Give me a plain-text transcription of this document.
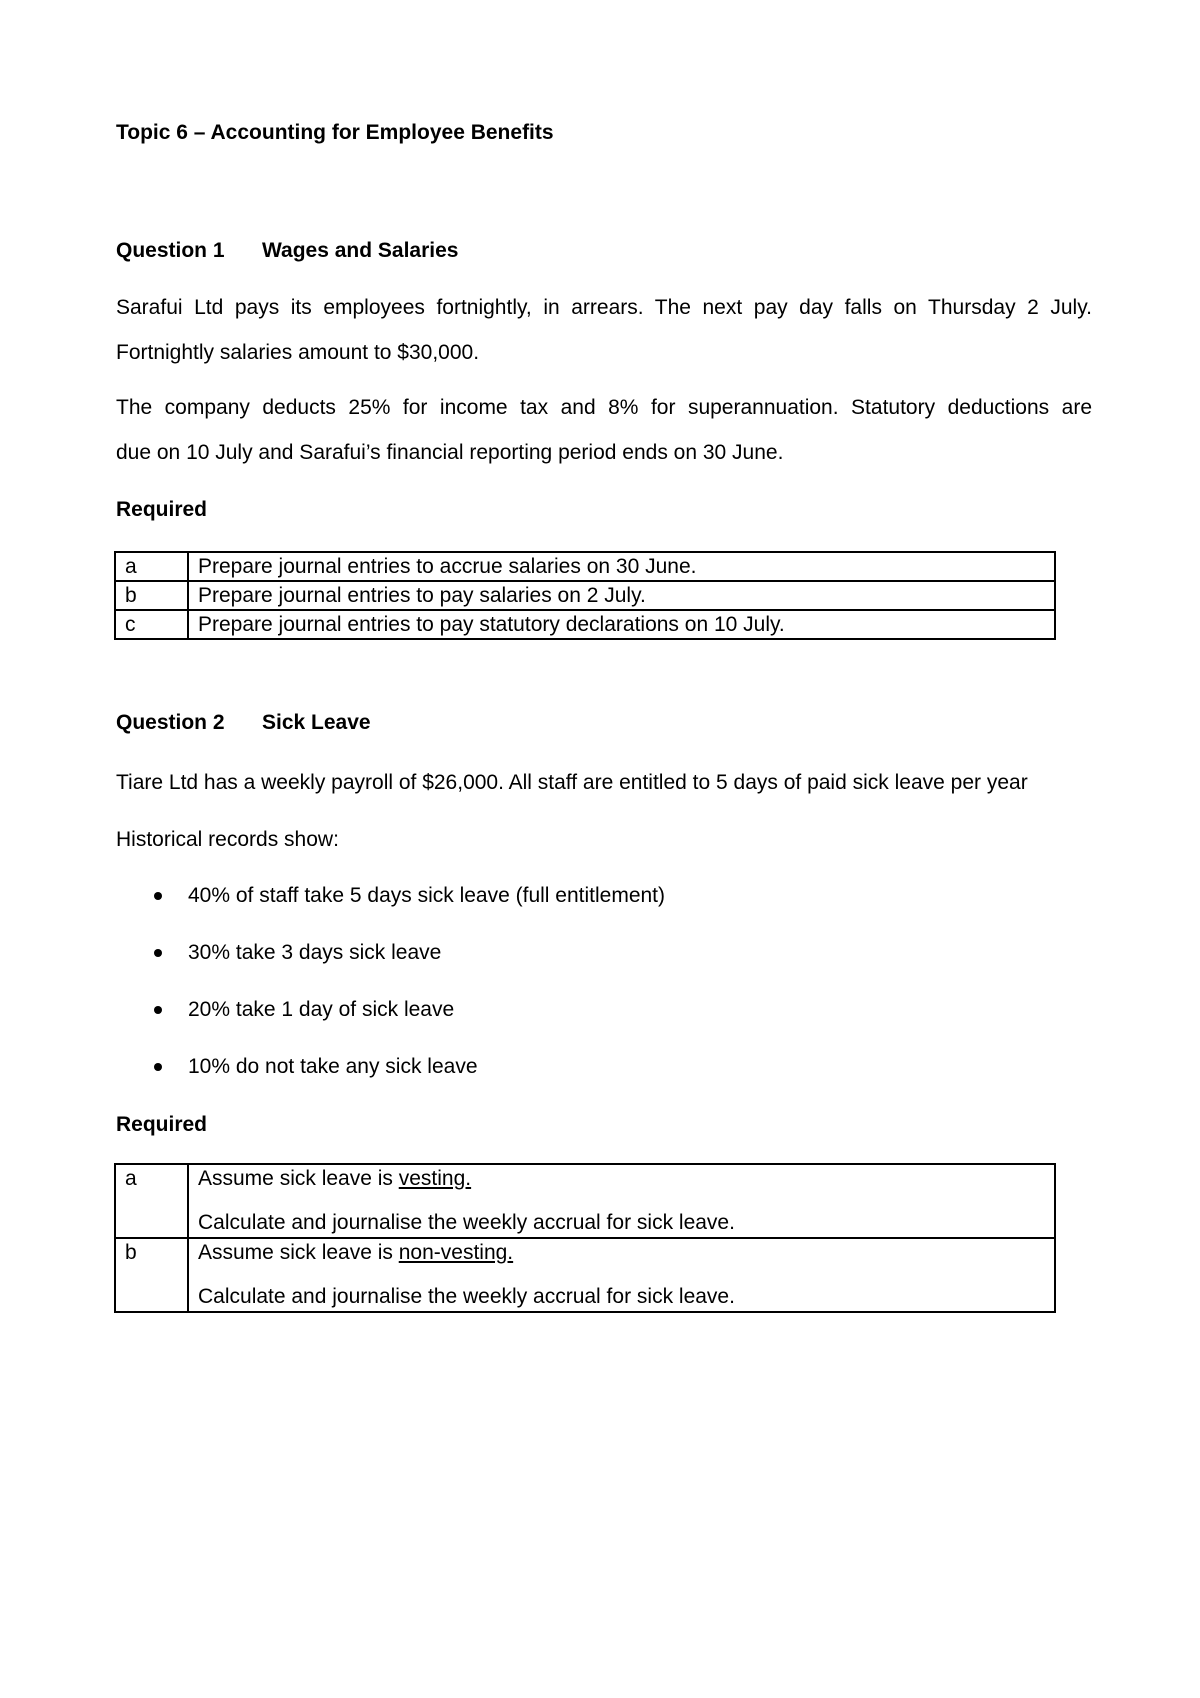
Topic 6 – Accounting for Employee Benefits
Question 1 Wages and Salaries
Sarafui Ltd pays its employees fortnightly, in arrears. The next pay day falls on Thursday 2 July.
Fortnightly salaries amount to $30,000.
The company deducts 25% for income tax and 8% for superannuation. Statutory deductions are
due on 10 July and Sarafui’s financial reporting period ends on 30 June.
Required
a	Prepare journal entries to accrue salaries on 30 June.
b	Prepare journal entries to pay salaries on 2 July.
c	Prepare journal entries to pay statutory declarations on 10 July.
Question 2 Sick Leave
Tiare Ltd has a weekly payroll of $26,000. All staff are entitled to 5 days of paid sick leave per year
Historical records show:
40% of staff take 5 days sick leave (full entitlement)
30% take 3 days sick leave
20% take 1 day of sick leave
10% do not take any sick leave
Required
a	Assume sick leave is vesting.
Calculate and journalise the weekly accrual for sick leave.

b	Assume sick leave is non-vesting.
Calculate and journalise the weekly accrual for sick leave.
